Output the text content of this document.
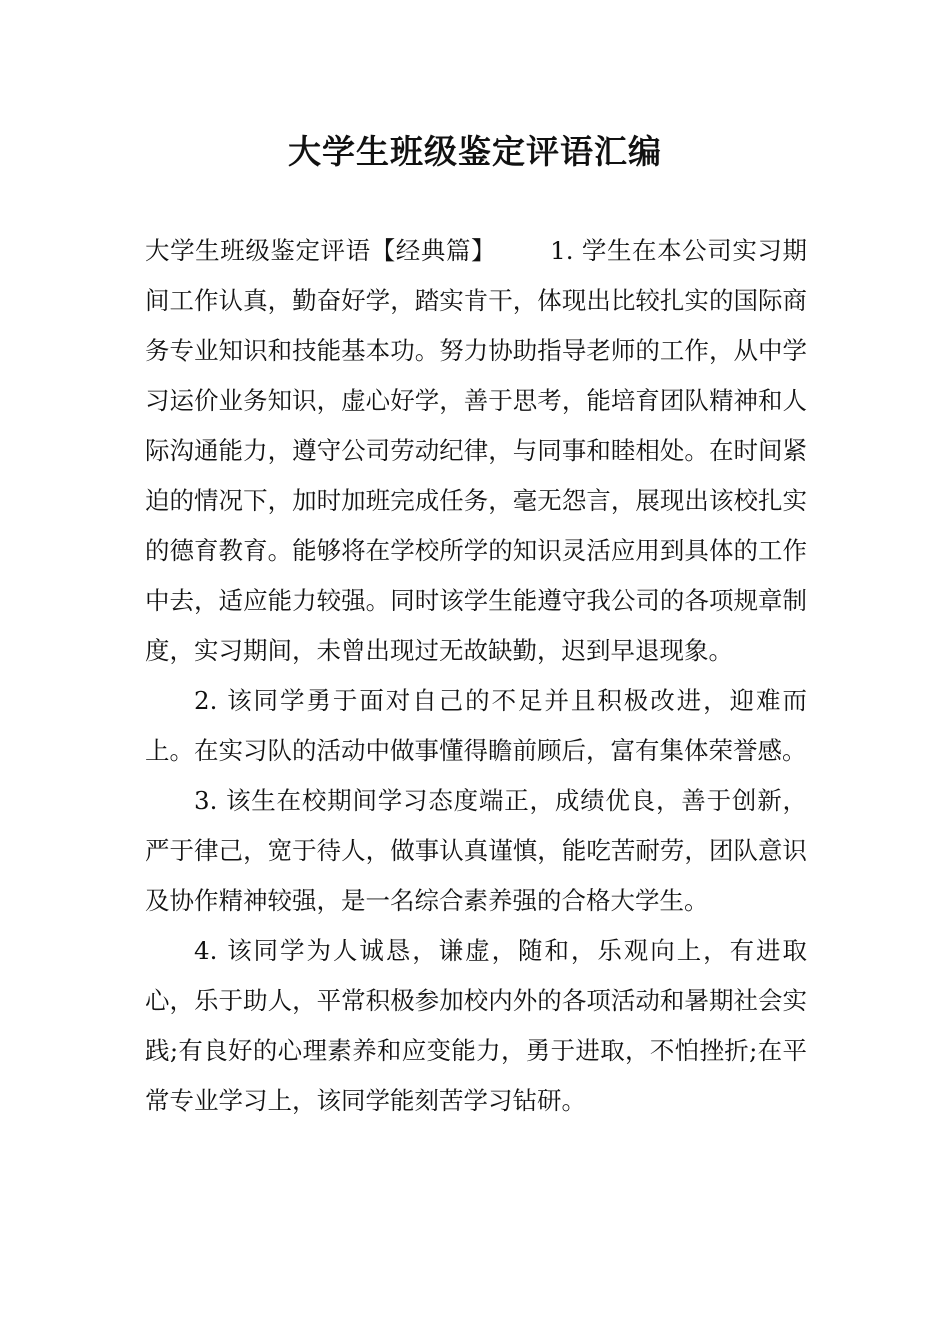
大学生班级鉴定评语汇编

大学生班级鉴定评语【经典篇】 1. 学生在本公司实习期间工作认真，勤奋好学，踏实肯干，体现出比较扎实的国际商务专业知识和技能基本功。努力协助指导老师的工作，从中学习运价业务知识，虚心好学，善于思考，能培育团队精神和人际沟通能力，遵守公司劳动纪律，与同事和睦相处。在时间紧迫的情况下，加时加班完成任务，毫无怨言，展现出该校扎实的德育教育。能够将在学校所学的知识灵活应用到具体的工作中去，适应能力较强。同时该学生能遵守我公司的各项规章制度，实习期间，未曾出现过无故缺勤，迟到早退现象。

2. 该同学勇于面对自己的不足并且积极改进，迎难而上。在实习队的活动中做事懂得瞻前顾后，富有集体荣誉感。

3. 该生在校期间学习态度端正，成绩优良，善于创新，严于律己，宽于待人，做事认真谨慎，能吃苦耐劳，团队意识及协作精神较强，是一名综合素养强的合格大学生。

4. 该同学为人诚恳，谦虚，随和，乐观向上，有进取心，乐于助人，平常积极参加校内外的各项活动和暑期社会实践;有良好的心理素养和应变能力，勇于进取，不怕挫折;在平常专业学习上，该同学能刻苦学习钻研。
